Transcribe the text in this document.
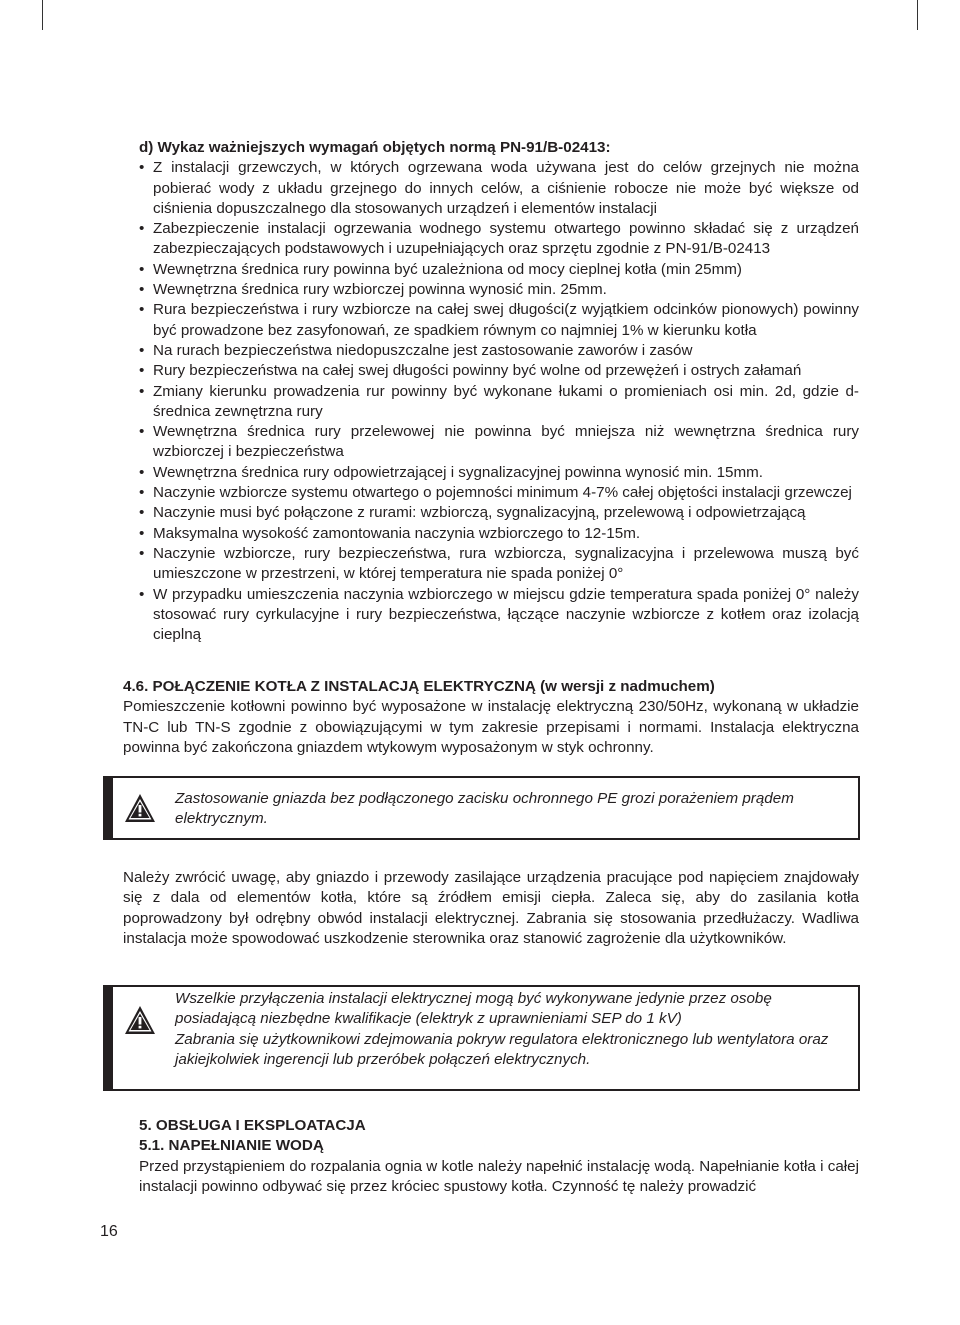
d) Wykaz ważniejszych wymagań objętych normą PN-91/B-02413:

• Z instalacji grzewczych, w których ogrzewana woda używana jest do celów grzejnych nie można pobierać wody z układu grzejnego do innych celów, a ciśnienie robocze nie może być większe od ciśnienia dopuszczalnego dla stosowanych urządzeń i elementów instalacji
• Zabezpieczenie instalacji ogrzewania wodnego systemu otwartego powinno składać się z urządzeń zabezpieczających podstawowych i uzupełniających oraz sprzętu zgodnie z PN-91/B-02413
• Wewnętrzna średnica rury powinna być uzależniona od mocy cieplnej kotła (min 25mm)
• Wewnętrzna średnica rury wzbiorczej powinna wynosić min. 25mm.
• Rura bezpieczeństwa i rury wzbiorcze na całej swej długości(z wyjątkiem odcinków pionowych) powinny być prowadzone bez zasyfonowań, ze spadkiem równym co najmniej 1% w kierunku kotła
• Na rurach bezpieczeństwa niedopuszczalne jest zastosowanie zaworów i zasów
• Rury bezpieczeństwa na całej swej długości powinny być wolne od przewężeń i ostrych załamań
• Zmiany kierunku prowadzenia rur powinny być wykonane łukami o promieniach osi min. 2d, gdzie d-średnica zewnętrzna rury
• Wewnętrzna średnica rury przelewowej nie powinna być mniejsza niż wewnętrzna średnica rury wzbiorczej i bezpieczeństwa
• Wewnętrzna średnica rury odpowietrzającej i sygnalizacyjnej powinna wynosić min. 15mm.
• Naczynie wzbiorcze systemu otwartego o pojemności minimum 4-7% całej objętości instalacji grzewczej
• Naczynie musi być połączone z rurami: wzbiorczą, sygnalizacyjną, przelewową i odpowietrzającą
• Maksymalna wysokość zamontowania naczynia wzbiorczego to 12-15m.
• Naczynie wzbiorcze, rury bezpieczeństwa, rura wzbiorcza, sygnalizacyjna i przelewowa muszą być umieszczone w przestrzeni, w której temperatura nie spada poniżej 0°
• W przypadku umieszczenia naczynia wzbiorczego w miejscu gdzie temperatura spada poniżej 0° należy stosować rury cyrkulacyjne i rury bezpieczeństwa, łączące naczynie wzbiorcze z kotłem oraz izolacją cieplną

4.6. POŁĄCZENIE KOTŁA Z INSTALACJĄ ELEKTRYCZNĄ (w wersji z nadmuchem)

Pomieszczenie kotłowni powinno być wyposażone w instalację elektryczną 230/50Hz, wykonaną w układzie TN-C lub TN-S zgodnie z obowiązującymi w tym zakresie przepisami i normami. Instalacja elektryczna powinna być zakończona gniazdem wtykowym wyposażonym w styk ochronny.

Zastosowanie gniazda bez podłączonego zacisku ochronnego PE grozi porażeniem prądem elektrycznym.

Należy zwrócić uwagę, aby gniazdo i przewody zasilające urządzenia pracujące pod napięciem znajdowały się z dala od elementów kotła, które są źródłem emisji ciepła. Zaleca się, aby do zasilania kotła poprowadzony był odrębny obwód instalacji elektrycznej. Zabrania się stosowania przedłużaczy. Wadliwa instalacja może spowodować uszkodzenie sterownika oraz stanowić zagrożenie dla użytkowników.

Wszelkie przyłączenia instalacji elektrycznej mogą być wykonywane jedynie przez osobę posiadającą niezbędne kwalifikacje (elektryk z uprawnieniami SEP do 1 kV)

Zabrania się użytkownikowi zdejmowania pokryw regulatora elektronicznego lub wentylatora oraz jakiejkolwiek ingerencji lub przeróbek połączeń elektrycznych.

5. OBSŁUGA I EKSPLOATACJA

5.1. NAPEŁNIANIE WODĄ

Przed przystąpieniem do rozpalania ognia w kotle należy napełnić instalację wodą. Napełnianie kotła i całej instalacji powinno odbywać się przez króciec spustowy kotła. Czynność tę należy prowadzić

16
